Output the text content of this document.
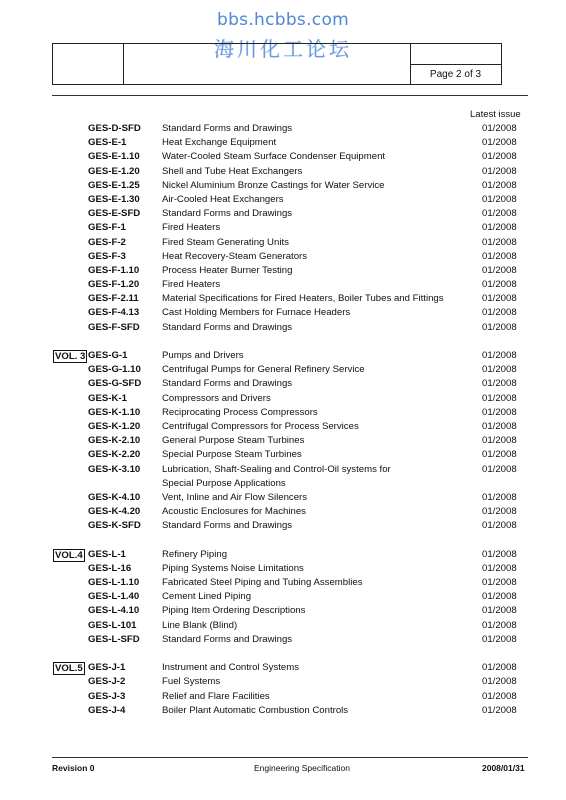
bbs.hcbbs.com
海川化工论坛
Page 2 of 3
Latest issue
GES-D-SFD Standard Forms and Drawings	01/2008
GES-E-1	Heat Exchange Equipment	01/2008
GES-E-1.10 Water-Cooled Steam Surface Condenser Equipment	01/2008
GES-E-1.20 Shell and Tube Heat Exchangers	01/2008
GES-E-1.25 Nickel Aluminium Bronze Castings for Water Service	01/2008
GES-E-1.30 Air-Cooled Heat Exchangers	01/2008
GES-E-SFD Standard Forms and Drawings	01/2008
GES-F-1	Fired Heaters	01/2008
GES-F-2	Fired Steam Generating Units	01/2008
GES-F-3	Heat Recovery-Steam Generators	01/2008
GES-F-1.10 Process Heater Burner Testing	01/2008
GES-F-1.20 Fired Heaters	01/2008
GES-F-2.11 Material Specifications for Fired Heaters, Boiler Tubes and Fittings	01/2008
GES-F-4.13 Cast Holding Members for Furnace Headers	01/2008
GES-F-SFD Standard Forms and Drawings	01/2008
VOL. 3 GES-G-1	Pumps and Drivers	01/2008
GES-G-1.10 Centrifugal Pumps for General Refinery Service	01/2008
GES-G-SFD Standard Forms and Drawings	01/2008
GES-K-1	Compressors and Drivers	01/2008
GES-K-1.10 Reciprocating Process Compressors	01/2008
GES-K-1.20 Centrifugal Compressors for Process Services	01/2008
GES-K-2.10 General Purpose Steam Turbines	01/2008
GES-K-2.20 Special Purpose Steam Turbines	01/2008
GES-K-3.10 Lubrication, Shaft-Sealing and Control-Oil systems for	01/2008
Special Purpose Applications
GES-K-4.10 Vent, Inline and Air Flow Silencers	01/2008
GES-K-4.20 Acoustic Enclosures for Machines	01/2008
GES-K-SFD Standard Forms and Drawings	01/2008
VOL.4 GES-L-1	Refinery Piping	01/2008
GES-L-16	Piping Systems Noise Limitations	01/2008
GES-L-1.10 Fabricated Steel Piping and Tubing Assemblies	01/2008
GES-L-1.40 Cement Lined Piping	01/2008
GES-L-4.10 Piping Item Ordering Descriptions	01/2008
GES-L-101	Line Blank (Blind)	01/2008
GES-L-SFD Standard Forms and Drawings	01/2008
VOL.5 GES-J-1	Instrument and Control Systems	01/2008
GES-J-2	Fuel Systems	01/2008
GES-J-3	Relief and Flare Facilities	01/2008
GES-J-4	Boiler Plant Automatic Combustion Controls	01/2008
Revision 0	Engineering Specification	2008/01/31
